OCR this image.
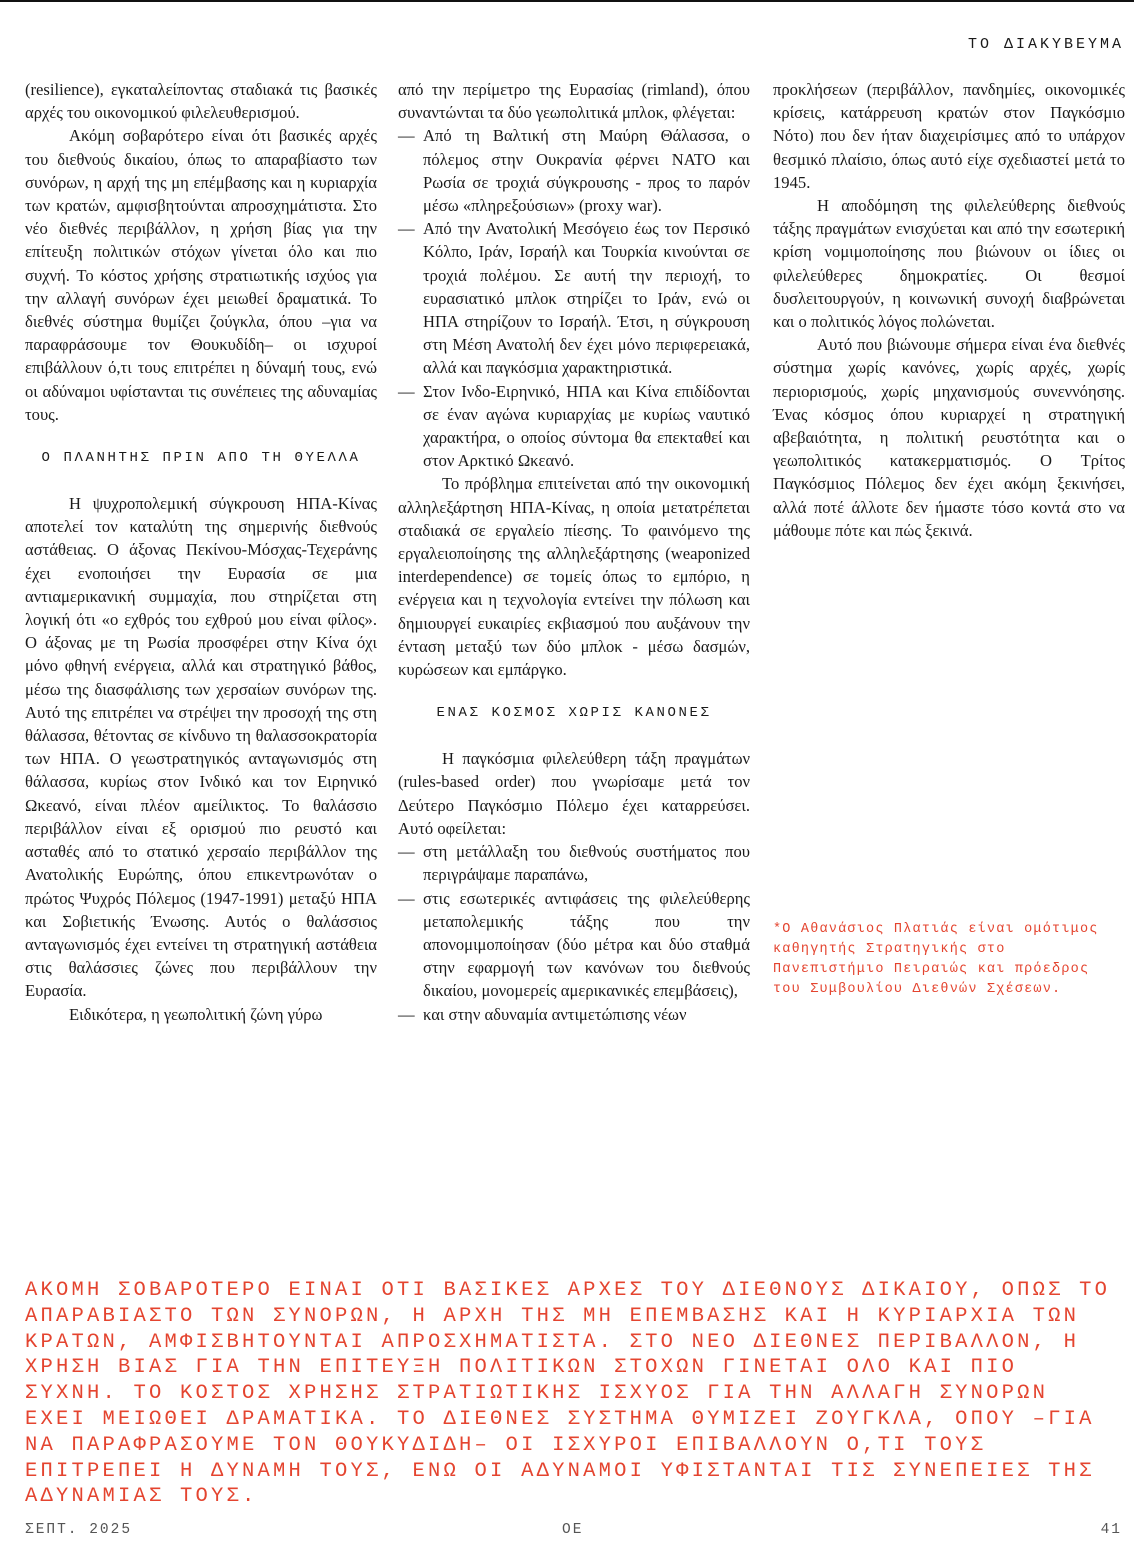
ΤΟ ΔΙΑΚΥΒΕΥΜΑ

(resilience), εγκαταλείποντας σταδιακά τις βασικές αρχές του οικονομικού φιλελευθερισμού.

Ακόμη σοβαρότερο είναι ότι βασικές αρχές του διεθνούς δικαίου, όπως το απαραβίαστο των συνόρων, η αρχή της μη επέμβασης και η κυριαρχία των κρατών, αμφισβητούνται απροσχημάτιστα. Στο νέο διεθνές περιβάλλον, η χρήση βίας για την επίτευξη πολιτικών στόχων γίνεται όλο και πιο συχνή. Το κόστος χρήσης στρατιωτικής ισχύος για την αλλαγή συνόρων έχει μειωθεί δραματικά. Το διεθνές σύστημα θυμίζει ζούγκλα, όπου –για να παραφράσουμε τον Θουκυδίδη– οι ισχυροί επιβάλλουν ό,τι τους επιτρέπει η δύναμή τους, ενώ οι αδύναμοι υφίστανται τις συνέπειες της αδυναμίας τους.

Ο ΠΛΑΝΗΤΗΣ ΠΡΙΝ ΑΠΟ ΤΗ ΘΥΕΛΛΑ

Η ψυχροπολεμική σύγκρουση ΗΠΑ-Κίνας αποτελεί τον καταλύτη της σημερινής διεθνούς αστάθειας. Ο άξονας Πεκίνου-Μόσχας-Τεχεράνης έχει ενοποιήσει την Ευρασία σε μια αντιαμερικανική συμμαχία, που στηρίζεται στη λογική ότι «ο εχθρός του εχθρού μου είναι φίλος». Ο άξονας με τη Ρωσία προσφέρει στην Κίνα όχι μόνο φθηνή ενέργεια, αλλά και στρατηγικό βάθος, μέσω της διασφάλισης των χερσαίων συνόρων της. Αυτό της επιτρέπει να στρέψει την προσοχή της στη θάλασσα, θέτοντας σε κίνδυνο τη θαλασσοκρατορία των ΗΠΑ. Ο γεωστρατηγικός ανταγωνισμός στη θάλασσα, κυρίως στον Ινδικό και τον Ειρηνικό Ωκεανό, είναι πλέον αμείλικτος. Το θαλάσσιο περιβάλλον είναι εξ ορισμού πιο ρευστό και ασταθές από το στατικό χερσαίο περιβάλλον της Ανατολικής Ευρώπης, όπου επικεντρωνόταν ο πρώτος Ψυχρός Πόλεμος (1947-1991) μεταξύ ΗΠΑ και Σοβιετικής Ένωσης. Αυτός ο θαλάσσιος ανταγωνισμός έχει εντείνει τη στρατηγική αστάθεια στις θαλάσσιες ζώνες που περιβάλλουν την Ευρασία.

Ειδικότερα, η γεωπολιτική ζώνη γύρω

από την περίμετρο της Ευρασίας (rimland), όπου συναντώνται τα δύο γεωπολιτικά μπλοκ, φλέγεται:

— Από τη Βαλτική στη Μαύρη Θάλασσα, ο πόλεμος στην Ουκρανία φέρνει ΝΑΤΟ και Ρωσία σε τροχιά σύγκρουσης - προς το παρόν μέσω «πληρεξούσιων» (proxy war).
— Από την Ανατολική Μεσόγειο έως τον Περσικό Κόλπο, Ιράν, Ισραήλ και Τουρκία κινούνται σε τροχιά πολέμου. Σε αυτή την περιοχή, το ευρασιατικό μπλοκ στηρίζει το Ιράν, ενώ οι ΗΠΑ στηρίζουν το Ισραήλ. Έτσι, η σύγκρουση στη Μέση Ανατολή δεν έχει μόνο περιφερειακά, αλλά και παγκόσμια χαρακτηριστικά.
— Στον Ινδο-Ειρηνικό, ΗΠΑ και Κίνα επιδίδονται σε έναν αγώνα κυριαρχίας με κυρίως ναυτικό χαρακτήρα, ο οποίος σύντομα θα επεκταθεί και στον Αρκτικό Ωκεανό.

Το πρόβλημα επιτείνεται από την οικονομική αλληλεξάρτηση ΗΠΑ-Κίνας, η οποία μετατρέπεται σταδιακά σε εργαλείο πίεσης. Το φαινόμενο της εργαλειοποίησης της αλληλεξάρτησης (weaponized interdependence) σε τομείς όπως το εμπόριο, η ενέργεια και η τεχνολογία εντείνει την πόλωση και δημιουργεί ευκαιρίες εκβιασμού που αυξάνουν την ένταση μεταξύ των δύο μπλοκ - μέσω δασμών, κυρώσεων και εμπάργκο.

ΕΝΑΣ ΚΟΣΜΟΣ ΧΩΡΙΣ ΚΑΝΟΝΕΣ

Η παγκόσμια φιλελεύθερη τάξη πραγμάτων (rules-based order) που γνωρίσαμε μετά τον Δεύτερο Παγκόσμιο Πόλεμο έχει καταρρεύσει. Αυτό οφείλεται:

— στη μετάλλαξη του διεθνούς συστήματος που περιγράψαμε παραπάνω,
— στις εσωτερικές αντιφάσεις της φιλελεύθερης μεταπολεμικής τάξης που την απονομιμοποίησαν (δύο μέτρα και δύο σταθμά στην εφαρμογή των κανόνων του διεθνούς δικαίου, μονομερείς αμερικανικές επεμβάσεις),
— και στην αδυναμία αντιμετώπισης νέων

προκλήσεων (περιβάλλον, πανδημίες, οικονομικές κρίσεις, κατάρρευση κρατών στον Παγκόσμιο Νότο) που δεν ήταν διαχειρίσιμες από το υπάρχον θεσμικό πλαίσιο, όπως αυτό είχε σχεδιαστεί μετά το 1945.

Η αποδόμηση της φιλελεύθερης διεθνούς τάξης πραγμάτων ενισχύεται και από την εσωτερική κρίση νομιμοποίησης που βιώνουν οι ίδιες οι φιλελεύθερες δημοκρατίες. Οι θεσμοί δυσλειτουργούν, η κοινωνική συνοχή διαβρώνεται και ο πολιτικός λόγος πολώνεται.

Αυτό που βιώνουμε σήμερα είναι ένα διεθνές σύστημα χωρίς κανόνες, χωρίς αρχές, χωρίς περιορισμούς, χωρίς μηχανισμούς συνεννόησης. Ένας κόσμος όπου κυριαρχεί η στρατηγική αβεβαιότητα, η πολιτική ρευστότητα και ο γεωπολιτικός κατακερματισμός. Ο Τρίτος Παγκόσμιος Πόλεμος δεν έχει ακόμη ξεκινήσει, αλλά ποτέ άλλοτε δεν ήμαστε τόσο κοντά στο να μάθουμε πότε και πώς ξεκινά.

*Ο Αθανάσιος Πλατιάς είναι ομότιμος καθηγητής Στρατηγικής στο Πανεπιστήμιο Πειραιώς και πρόεδρος του Συμβουλίου Διεθνών Σχέσεων.
ΑΚΟΜΗ ΣΟΒΑΡΟΤΕΡΟ ΕΙΝΑΙ ΟΤΙ ΒΑΣΙΚΕΣ ΑΡΧΕΣ ΤΟΥ ΔΙΕΘΝΟΥΣ ΔΙΚΑΙΟΥ, ΟΠΩΣ ΤΟ ΑΠΑΡΑΒΙΑΣΤΟ ΤΩΝ ΣΥΝΟΡΩΝ, Η ΑΡΧΗ ΤΗΣ ΜΗ ΕΠΕΜΒΑΣΗΣ ΚΑΙ Η ΚΥΡΙΑΡΧΙΑ ΤΩΝ ΚΡΑΤΩΝ, ΑΜΦΙΣΒΗΤΟΥΝΤΑΙ ΑΠΡΟΣΧΗΜΑΤΙΣΤΑ. ΣΤΟ ΝΕΟ ΔΙΕΘΝΕΣ ΠΕΡΙΒΑΛΛΟΝ, Η ΧΡΗΣΗ ΒΙΑΣ ΓΙΑ ΤΗΝ ΕΠΙΤΕΥΞΗ ΠΟΛΙΤΙΚΩΝ ΣΤΟΧΩΝ ΓΙΝΕΤΑΙ ΟΛΟ ΚΑΙ ΠΙΟ ΣΥΧΝΗ. ΤΟ ΚΟΣΤΟΣ ΧΡΗΣΗΣ ΣΤΡΑΤΙΩΤΙΚΗΣ ΙΣΧΥΟΣ ΓΙΑ ΤΗΝ ΑΛΛΑΓΗ ΣΥΝΟΡΩΝ ΕΧΕΙ ΜΕΙΩΘΕΙ ΔΡΑΜΑΤΙΚΑ. ΤΟ ΔΙΕΘΝΕΣ ΣΥΣΤΗΜΑ ΘΥΜΙΖΕΙ ΖΟΥΓΚΛΑ, ΟΠΟΥ –ΓΙΑ ΝΑ ΠΑΡΑΦΡΑΣΟΥΜΕ ΤΟΝ ΘΟΥΚΥΔΙΔΗ– ΟΙ ΙΣΧΥΡΟΙ ΕΠΙΒΑΛΛΟΥΝ Ο,ΤΙ ΤΟΥΣ ΕΠΙΤΡΕΠΕΙ Η ΔΥΝΑΜΗ ΤΟΥΣ, ΕΝΩ ΟΙ ΑΔΥΝΑΜΟΙ ΥΦΙΣΤΑΝΤΑΙ ΤΙΣ ΣΥΝΕΠΕΙΕΣ ΤΗΣ ΑΔΥΝΑΜΙΑΣ ΤΟΥΣ.
ΣΕΠΤ. 2025	ΟΕ	41
